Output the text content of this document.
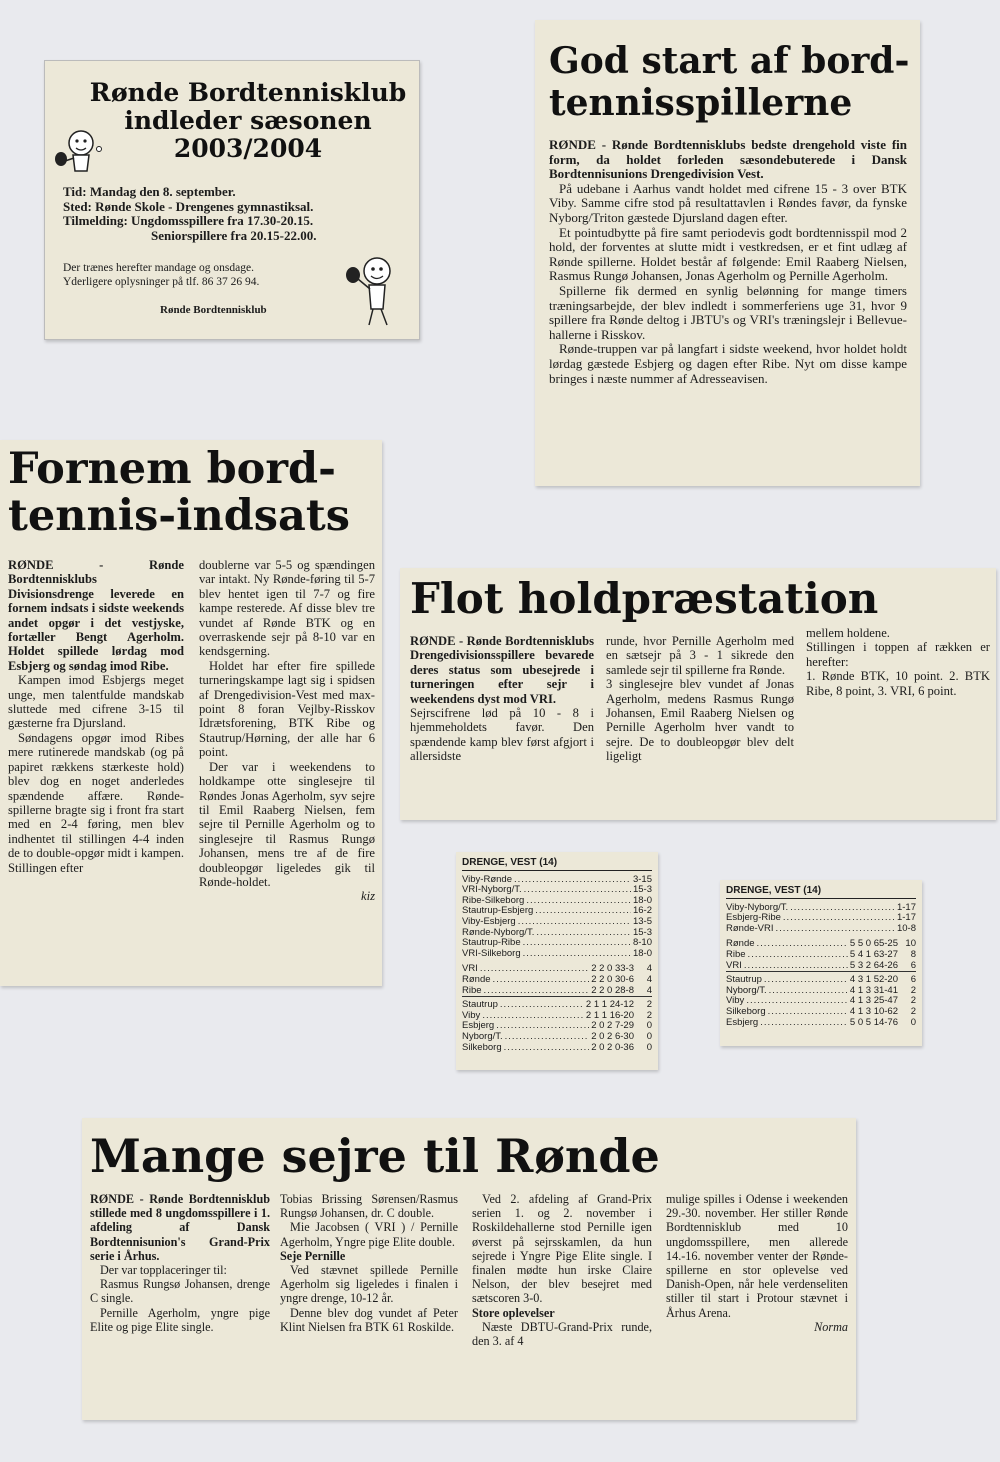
Rønde Bordtennisklub
indleder sæsonen
2003/2004
Tid: Mandag den 8. september.
Sted: Rønde Skole - Drengenes gymnastiksal.
Tilmelding: Ungdomsspillere fra 17.30-20.15.
Seniorspillere fra 20.15-22.00.
Der trænes herefter mandage og onsdage.
Yderligere oplysninger på tlf. 86 37 26 94.
Rønde Bordtennisklub
God start af bord-
tennisspillerne

RØNDE - Rønde Bordtennisklubs bedste drengehold viste fin form, da holdet forleden sæsondebuterede i Dansk Bordtennisunions Drengedivision Vest.

På udebane i Aarhus vandt holdet med cifrene 15 - 3 over BTK Viby. Samme cifre stod på resultattavlen i Røndes favør, da fynske Nyborg/Triton gæstede Djursland dagen efter.

Et pointudbytte på fire samt periodevis godt bordtennisspil mod 2 hold, der forventes at slutte midt i vestkredsen, er et fint udlæg af Rønde spillerne. Holdet består af følgende: Emil Raaberg Nielsen, Rasmus Rungø Johansen, Jonas Agerholm og Pernille Agerholm.

Spillerne fik dermed en synlig belønning for mange timers træningsarbejde, der blev indledt i sommerferiens uge 31, hvor 9 spillere fra Rønde deltog i JBTU's og VRI's træningslejr i Bellevue-hallerne i Risskov.

Rønde-truppen var på langfart i sidste weekend, hvor holdet holdt lørdag gæstede Esbjerg og dagen efter Ribe. Nyt om disse kampe bringes i næste nummer af Adresseavisen.

Fornem bord-
tennis-indsats

RØNDE - Rønde Bordtennisklubs Divisionsdrenge leverede en fornem indsats i sidste weekends andet opgør i det vestjyske, fortæller Bengt Agerholm. Holdet spillede lørdag mod Esbjerg og søndag imod Ribe.

Kampen imod Esbjergs meget unge, men talentfulde mandskab sluttede med cifrene 3-15 til gæsterne fra Djursland.

Søndagens opgør imod Ribes mere rutinerede mandskab (og på papiret rækkens stærkeste hold) blev dog en noget anderledes spændende affære. Rønde-spillerne bragte sig i front fra start med en 2-4 føring, men blev indhentet til stillingen 4-4 inden de to double-opgør midt i kampen. Stillingen efter

doublerne var 5-5 og spændingen var intakt. Ny Rønde-føring til 5-7 blev hentet igen til 7-7 og fire kampe resterede. Af disse blev tre vundet af Rønde BTK og en overraskende sejr på 8-10 var en kendsgerning.

Holdet har efter fire spillede turneringskampe lagt sig i spidsen af Drengedivision-Vest med max-point 8 foran Vejlby-Risskov Idrætsforening, BTK Ribe og Stautrup/Hørning, der alle har 6 point.

Der var i weekendens to holdkampe otte singlesejre til Røndes Jonas Agerholm, syv sejre til Emil Raaberg Nielsen, fem sejre til Pernille Agerholm og to singlesejre til Rasmus Rungø Johansen, mens tre af de fire doubleopgør ligeledes gik til Rønde-holdet.

kiz

Flot holdpræstation

RØNDE - Rønde Bordtennisklubs Drengedivisionsspillere bevarede deres status som ubesejrede i turneringen efter sejr i weekendens dyst mod VRI.

Sejrscifrene lød på 10 - 8 i hjemmeholdets favør. Den spændende kamp blev først afgjort i allersidste

runde, hvor Pernille Agerholm med en sætsejr på 3 - 1 sikrede den samlede sejr til spillerne fra Rønde.

3 singlesejre blev vundet af Jonas Agerholm, medens Rasmus Rungø Johansen, Emil Raaberg Nielsen og Pernille Agerholm hver vandt to sejre. De to doubleopgør blev delt ligeligt

mellem holdene.

Stillingen i toppen af rækken er herefter:

1. Rønde BTK, 10 point. 2. BTK Ribe, 8 point, 3. VRI, 6 point.

DRENGE, VEST (14)
Viby-Rønde .....	3-15
VRI-Nyborg/T. .....	15-3
Ribe-Silkeborg .....	18-0
Stautrup-Esbjerg .....	16-2
Viby-Esbjerg .....	13-5
Rønde-Nyborg/T. .....	15-3
Stautrup-Ribe .....	8-10
VRI-Silkeborg .....	18-0
VRI .....	2 2 0 33-3	4
Rønde .....	2 2 0 30-6	4
Ribe .....	2 2 0 28-8	4
Stautrup .....	2 1 1 24-12	2
Viby .....	2 1 1 16-20	2
Esbjerg .....	2 0 2 7-29	0
Nyborg/T. .....	2 0 2 6-30	0
Silkeborg .....	2 0 2 0-36	0
DRENGE, VEST (14)
Viby-Nyborg/T. .....	1-17
Esbjerg-Ribe .....	1-17
Rønde-VRI .....	10-8
Rønde .....	5 5 0 65-25 10
Ribe .....	5 4 1 63-27	8
VRI .....	5 3 2 64-26	6
Stautrup .....	4 3 1 52-20	6
Nyborg/T. .....	4 1 3 31-41	2
Viby .....	4 1 3 25-47	2
Silkeborg .....	4 1 3 10-62	2
Esbjerg .....	5 0 5 14-76	0
Mange sejre til Rønde

RØNDE - Rønde Bordtennisklub stillede med 8 ungdomsspillere i 1. afdeling af Dansk Bordtennisunion's Grand-Prix serie i Århus.

Der var topplaceringer til:

Rasmus Rungsø Johansen, drenge C single.

Pernille Agerholm, yngre pige Elite og pige Elite single.

Tobias Brissing Sørensen/Rasmus Rungsø Johansen, dr. C double.

Mie Jacobsen ( VRI ) / Pernille Agerholm, Yngre pige Elite double.

Seje Pernille

Ved stævnet spillede Pernille Agerholm sig ligeledes i finalen i yngre drenge, 10-12 år.

Denne blev dog vundet af Peter Klint Nielsen fra BTK 61 Roskilde.

Ved 2. afdeling af Grand-Prix serien 1. og 2. november i Roskildehallerne stod Pernille igen øverst på sejrsskamlen, da hun sejrede i Yngre Pige Elite single. I finalen mødte hun irske Claire Nelson, der blev besejret med sætscoren 3-0.

Store oplevelser

Næste DBTU-Grand-Prix runde, den 3. af 4

mulige spilles i Odense i weekenden 29.-30. november. Her stiller Rønde Bordtennisklub med 10 ungdomsspillere, men allerede 14.-16. november venter der Rønde-spillerne en stor oplevelse ved Danish-Open, når hele verdenseliten stiller til start i Protour stævnet i Århus Arena.

Norma
